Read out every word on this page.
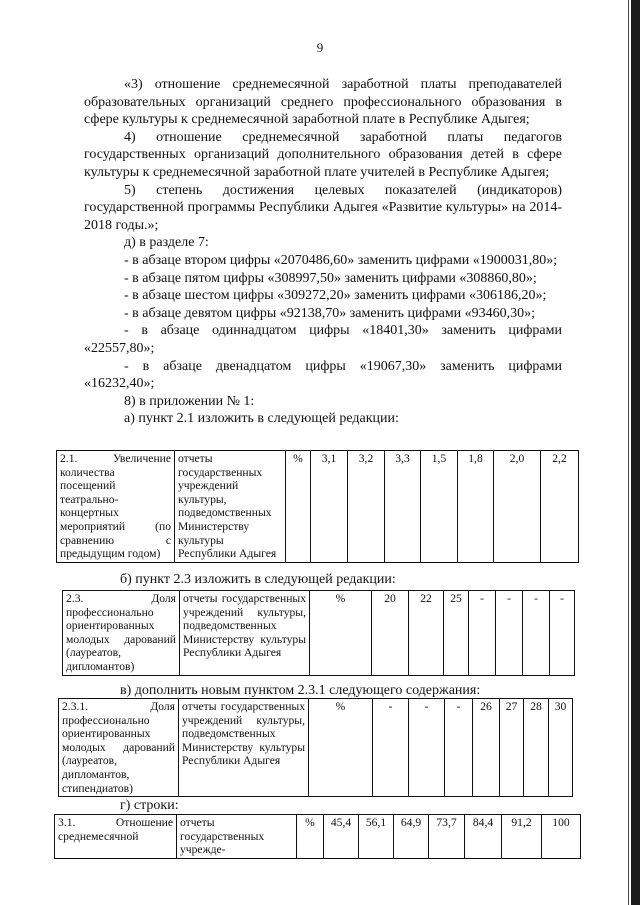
9

«3) отношение среднемесячной заработной платы преподавателей образовательных организаций среднего профессионального образования в сфере культуры к среднемесячной заработной плате в Республике Адыгея;

4) отношение среднемесячной заработной платы педагогов государственных организаций дополнительного образования детей в сфере культуры к среднемесячной заработной плате учителей в Республике Адыгея;

5) степень достижения целевых показателей (индикаторов) государственной программы Республики Адыгея «Развитие культуры» на 2014-2018 годы.»;

д) в разделе 7:

- в абзаце втором цифры «2070486,60» заменить цифрами «1900031,80»;

- в абзаце пятом цифры «308997,50» заменить цифрами «308860,80»;

- в абзаце шестом цифры «309272,20» заменить цифрами «306186,20»;

- в абзаце девятом цифры «92138,70» заменить цифрами «93460,30»;

- в абзаце одиннадцатом цифры «18401,30» заменить цифрами «22557,80»;

- в абзаце двенадцатом цифры «19067,30» заменить цифрами «16232,40»;

8) в приложении № 1:

а) пункт 2.1 изложить в следующей редакции:

2.1. Увеличение количества посещений театрально-концертных мероприятий (по сравнению с предыдущим годом)	отчеты государственных учреждений культуры, подведомственных Министерству культуры Республики Адыгея	%	3,1	3,2	3,3	1,5	1,8	2,0	2,2
б) пункт 2.3 изложить в следующей редакции:
2.3. Доля профессионально ориентированных молодых дарований (лауреатов, дипломантов)	отчеты государственных учреждений культуры, подведомственных Министерству культуры Республики Адыгея	%	20	22	25	-	-	-	-
в) дополнить новым пунктом 2.3.1 следующего содержания:
2.3.1. Доля профессионально ориентированных молодых дарований (лауреатов, дипломантов, стипендиатов)	отчеты государственных учреждений культуры, подведомственных Министерству культуры Республики Адыгея	%	-	-	-	26	27	28	30
г) строки:
3.1. Отношение среднемесячной	отчеты государственных учрежде-	%	45,4	56,1	64,9	73,7	84,4	91,2	100
